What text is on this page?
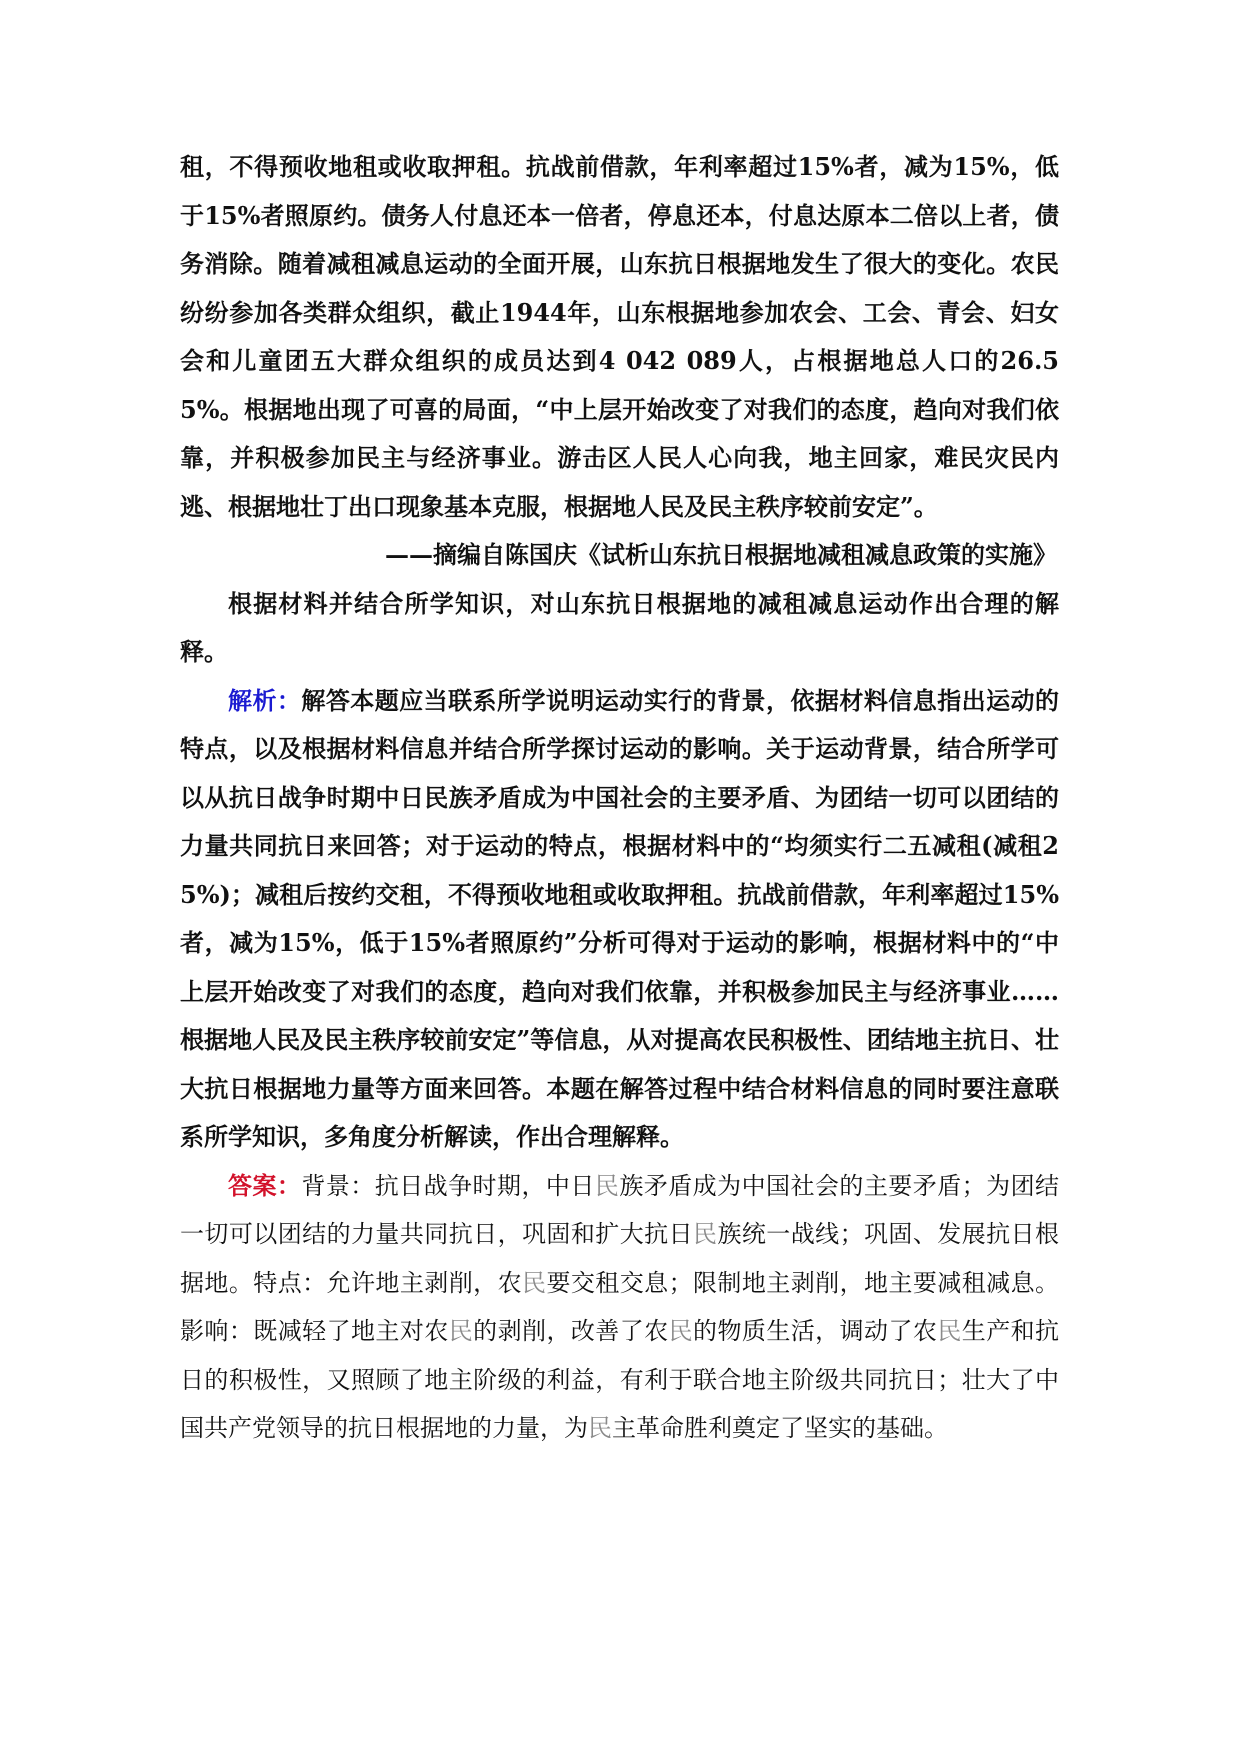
租，不得预收地租或收取押租。抗战前借款，年利率超过15%者，减为15%，低于15%者照原约。债务人付息还本一倍者，停息还本，付息达原本二倍以上者，债务消除。随着减租减息运动的全面开展，山东抗日根据地发生了很大的变化。农民纷纷参加各类群众组织，截止1944年，山东根据地参加农会、工会、青会、妇女会和儿童团五大群众组织的成员达到4 042 089人，占根据地总人口的26.55%。根据地出现了可喜的局面，“中上层开始改变了对我们的态度，趋向对我们依靠，并积极参加民主与经济事业。游击区人民人心向我，地主回家，难民灾民内逃、根据地壮丁出口现象基本克服，根据地人民及民主秩序较前安定”。

——摘编自陈国庆《试析山东抗日根据地减租减息政策的实施》

根据材料并结合所学知识，对山东抗日根据地的减租减息运动作出合理的解释。

解析：解答本题应当联系所学说明运动实行的背景，依据材料信息指出运动的特点，以及根据材料信息并结合所学探讨运动的影响。关于运动背景，结合所学可以从抗日战争时期中日民族矛盾成为中国社会的主要矛盾、为团结一切可以团结的力量共同抗日来回答；对于运动的特点，根据材料中的“均须实行二五减租(减租25%)；减租后按约交租，不得预收地租或收取押租。抗战前借款，年利率超过15%者，减为15%，低于15%者照原约”分析可得对于运动的影响，根据材料中的“中上层开始改变了对我们的态度，趋向对我们依靠，并积极参加民主与经济事业……根据地人民及民主秩序较前安定”等信息，从对提高农民积极性、团结地主抗日、壮大抗日根据地力量等方面来回答。本题在解答过程中结合材料信息的同时要注意联系所学知识，多角度分析解读，作出合理解释。

答案：背景：抗日战争时期，中日民族矛盾成为中国社会的主要矛盾；为团结一切可以团结的力量共同抗日，巩固和扩大抗日民族统一战线；巩固、发展抗日根据地。特点：允许地主剥削，农民要交租交息；限制地主剥削，地主要减租减息。影响：既减轻了地主对农民的剥削，改善了农民的物质生活，调动了农民生产和抗日的积极性，又照顾了地主阶级的利益，有利于联合地主阶级共同抗日；壮大了中国共产党领导的抗日根据地的力量，为民主革命胜利奠定了坚实的基础。
